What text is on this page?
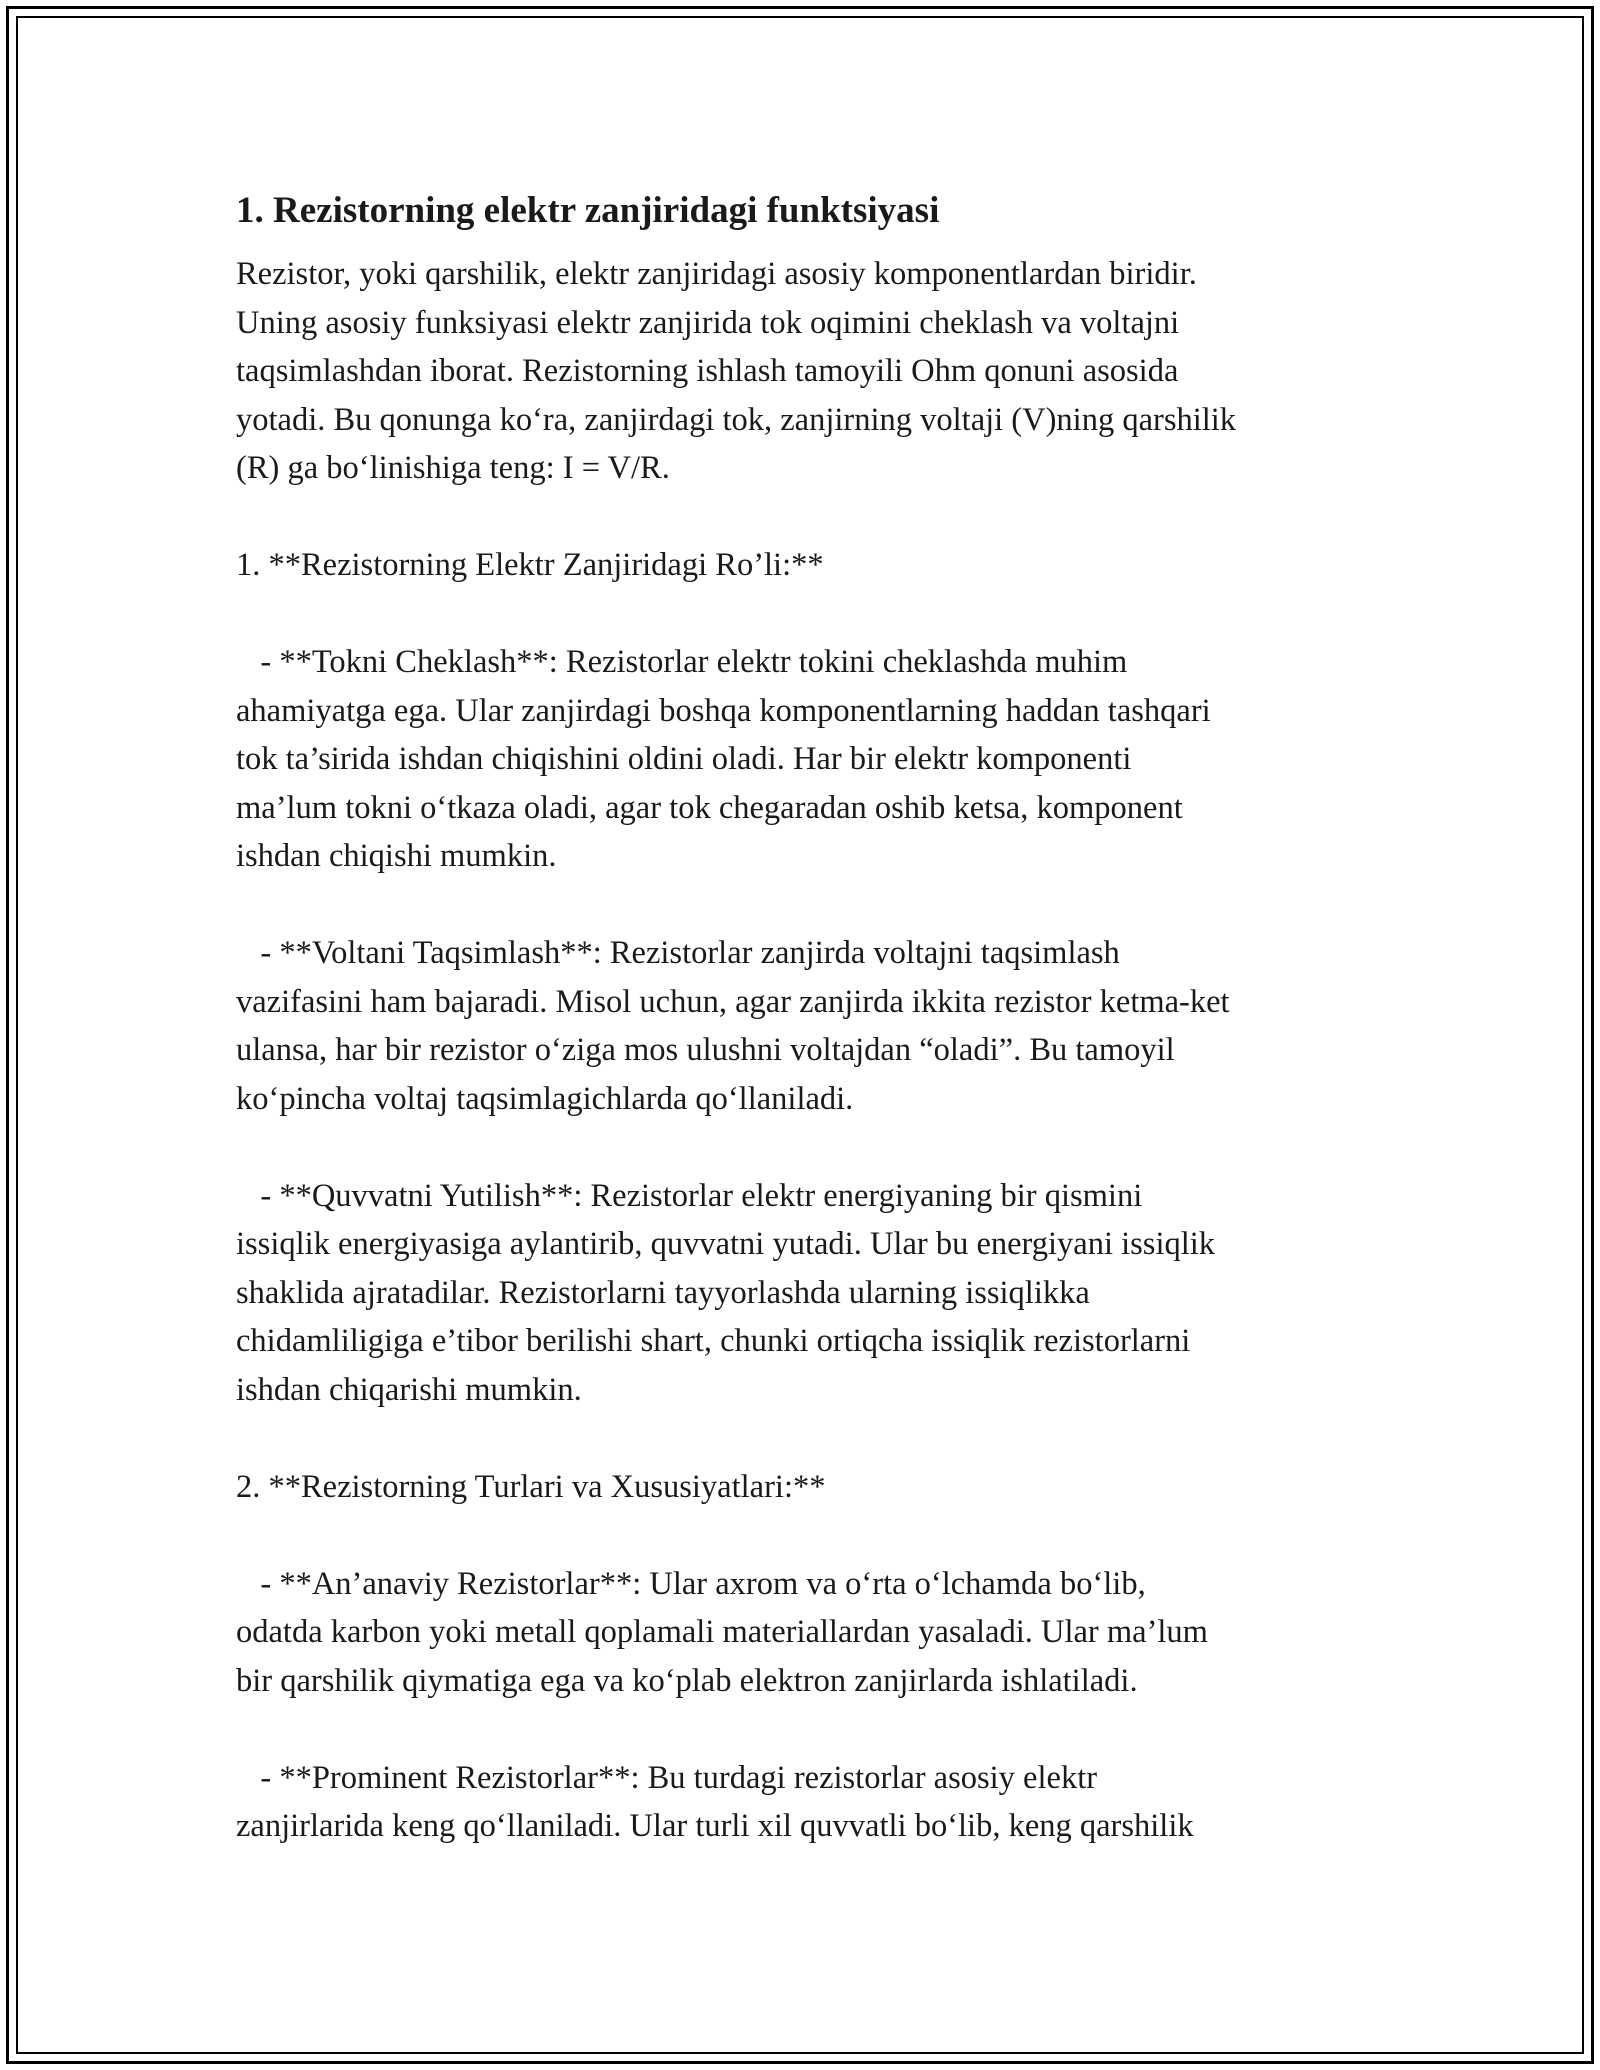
1. Rezistorning elektr zanjiridagi funktsiyasi
Rezistor, yoki qarshilik, elektr zanjiridagi asosiy komponentlardan biridir.
Uning asosiy funksiyasi elektr zanjirida tok oqimini cheklash va voltajni
taqsimlashdan iborat. Rezistorning ishlash tamoyili Ohm qonuni asosida
yotadi. Bu qonunga ko‘ra, zanjirdagi tok, zanjirning voltaji (V)ning qarshilik
(R) ga bo‘linishiga teng: I = V/R.
1. **Rezistorning Elektr Zanjiridagi Ro’li:**
- **Tokni Cheklash**: Rezistorlar elektr tokini cheklashda muhim
ahamiyatga ega. Ular zanjirdagi boshqa komponentlarning haddan tashqari
tok ta’sirida ishdan chiqishini oldini oladi. Har bir elektr komponenti
ma’lum tokni o‘tkaza oladi, agar tok chegaradan oshib ketsa, komponent
ishdan chiqishi mumkin.
- **Voltani Taqsimlash**: Rezistorlar zanjirda voltajni taqsimlash
vazifasini ham bajaradi. Misol uchun, agar zanjirda ikkita rezistor ketma-ket
ulansa, har bir rezistor o‘ziga mos ulushni voltajdan “oladi”. Bu tamoyil
ko‘pincha voltaj taqsimlagichlarda qo‘llaniladi.
- **Quvvatni Yutilish**: Rezistorlar elektr energiyaning bir qismini
issiqlik energiyasiga aylantirib, quvvatni yutadi. Ular bu energiyani issiqlik
shaklida ajratadilar. Rezistorlarni tayyorlashda ularning issiqlikka
chidamliligiga e’tibor berilishi shart, chunki ortiqcha issiqlik rezistorlarni
ishdan chiqarishi mumkin.
2. **Rezistorning Turlari va Xususiyatlari:**
- **An’anaviy Rezistorlar**: Ular axrom va o‘rta o‘lchamda bo‘lib,
odatda karbon yoki metall qoplamali materiallardan yasaladi. Ular ma’lum
bir qarshilik qiymatiga ega va ko‘plab elektron zanjirlarda ishlatiladi.
- **Prominent Rezistorlar**: Bu turdagi rezistorlar asosiy elektr
zanjirlarida keng qo‘llaniladi. Ular turli xil quvvatli bo‘lib, keng qarshilik
